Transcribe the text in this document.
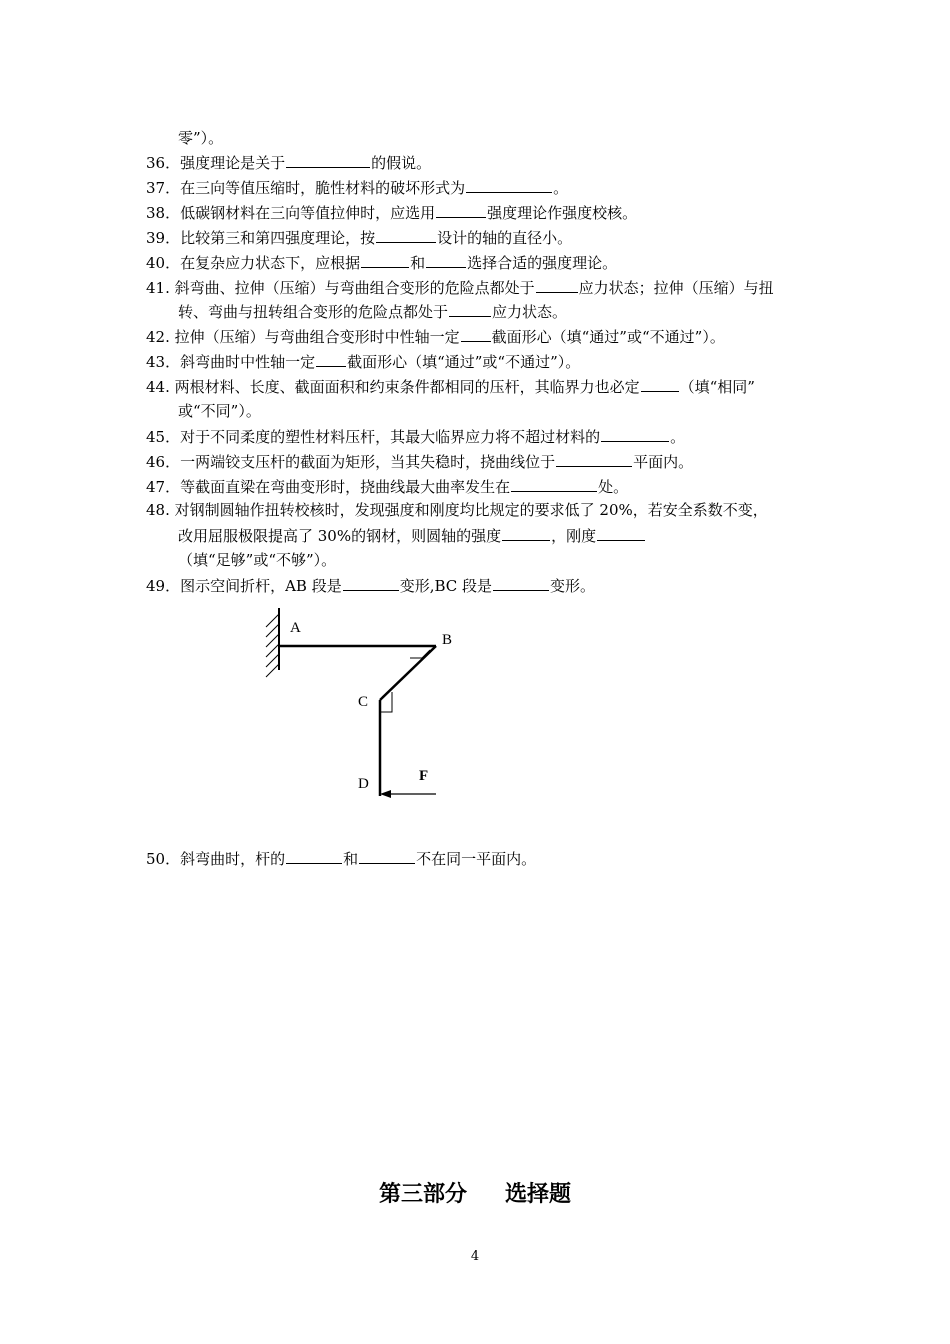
零”）。
36．强度理论是关于	的假说。
37．在三向等值压缩时，脆性材料的破坏形式为	。
38．低碳钢材料在三向等值拉伸时，应选用	强度理论作强度校核。
39．比较第三和第四强度理论，按	设计的轴的直径小。
40．在复杂应力状态下，应根据	和	选择合适的强度理论。
41. 斜弯曲、拉伸（压缩）与弯曲组合变形的危险点都处于	应力状态；拉伸（压缩）与扭
转、弯曲与扭转组合变形的危险点都处于	应力状态。
42. 拉伸（压缩）与弯曲组合变形时中性轴一定 截面形心（填“通过”或“不通过”）。
43．斜弯曲时中性轴一定 截面形心（填“通过”或“不通过”）。
44. 两根材料、长度、截面面积和约束条件都相同的压杆，其临界力也必定	（填“相同”
或“不同”）。
45．对于不同柔度的塑性材料压杆，其最大临界应力将不超过材料的	。
46．一两端铰支压杆的截面为矩形，当其失稳时，挠曲线位于	平面内。
47．等截面直梁在弯曲变形时，挠曲线最大曲率发生在	处。
48. 对钢制圆轴作扭转校核时，发现强度和刚度均比规定的要求低了 20%，若安全系数不变，
改用屈服极限提高了 30%的钢材，则圆轴的强度	，刚度
（填“足够”或“不够”）。
49．图示空间折杆，AB 段是	变形,BC 段是	变形。
A
B
C
D	F
50．斜弯曲时，杆的	和	不在同一平面内。
第三部分 选择题
4
